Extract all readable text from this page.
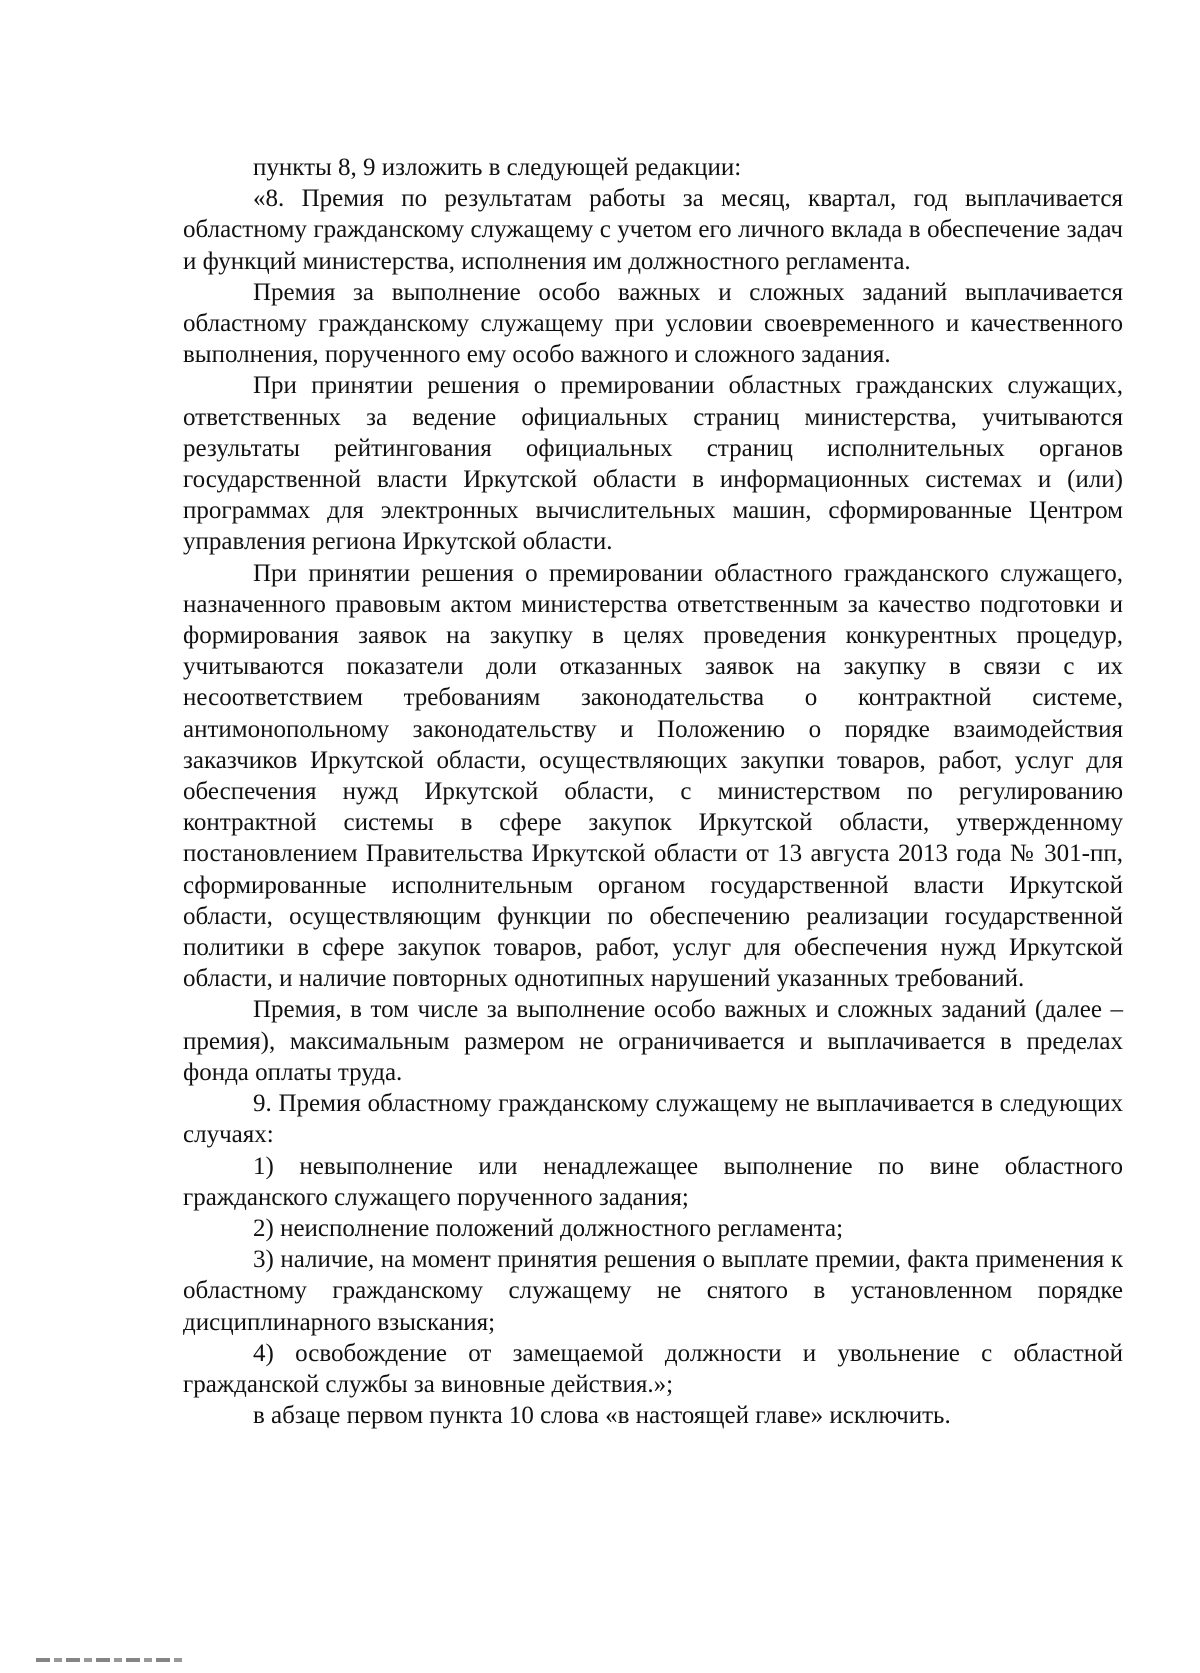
пункты 8, 9 изложить в следующей редакции:

«8. Премия по результатам работы за месяц, квартал, год выплачивается областному гражданскому служащему с учетом его личного вклада в обеспечение задач и функций министерства, исполнения им должностного регламента.

Премия за выполнение особо важных и сложных заданий выплачивается областному гражданскому служащему при условии своевременного и качественного выполнения, порученного ему особо важного и сложного задания.

При принятии решения о премировании областных гражданских служащих, ответственных за ведение официальных страниц министерства, учитываются результаты рейтингования официальных страниц исполнительных органов государственной власти Иркутской области в информационных системах и (или) программах для электронных вычислительных машин, сформированные Центром управления региона Иркутской области.

При принятии решения о премировании областного гражданского служащего, назначенного правовым актом министерства ответственным за качество подготовки и формирования заявок на закупку в целях проведения конкурентных процедур, учитываются показатели доли отказанных заявок на закупку в связи с их несоответствием требованиям законодательства о контрактной системе, антимонопольному законодательству и Положению о порядке взаимодействия заказчиков Иркутской области, осуществляющих закупки товаров, работ, услуг для обеспечения нужд Иркутской области, с министерством по регулированию контрактной системы в сфере закупок Иркутской области, утвержденному постановлением Правительства Иркутской области от 13 августа 2013 года № 301-пп, сформированные исполнительным органом государственной власти Иркутской области, осуществляющим функции по обеспечению реализации государственной политики в сфере закупок товаров, работ, услуг для обеспечения нужд Иркутской области, и наличие повторных однотипных нарушений указанных требований.

Премия, в том числе за выполнение особо важных и сложных заданий (далее – премия), максимальным размером не ограничивается и выплачивается в пределах фонда оплаты труда.

9. Премия областному гражданскому служащему не выплачивается в следующих случаях:

1) невыполнение или ненадлежащее выполнение по вине областного гражданского служащего порученного задания;

2) неисполнение положений должностного регламента;

3) наличие, на момент принятия решения о выплате премии, факта применения к областному гражданскому служащему не снятого в установленном порядке дисциплинарного взыскания;

4) освобождение от замещаемой должности и увольнение с областной гражданской службы за виновные действия.»;

в абзаце первом пункта 10 слова «в настоящей главе» исключить.
